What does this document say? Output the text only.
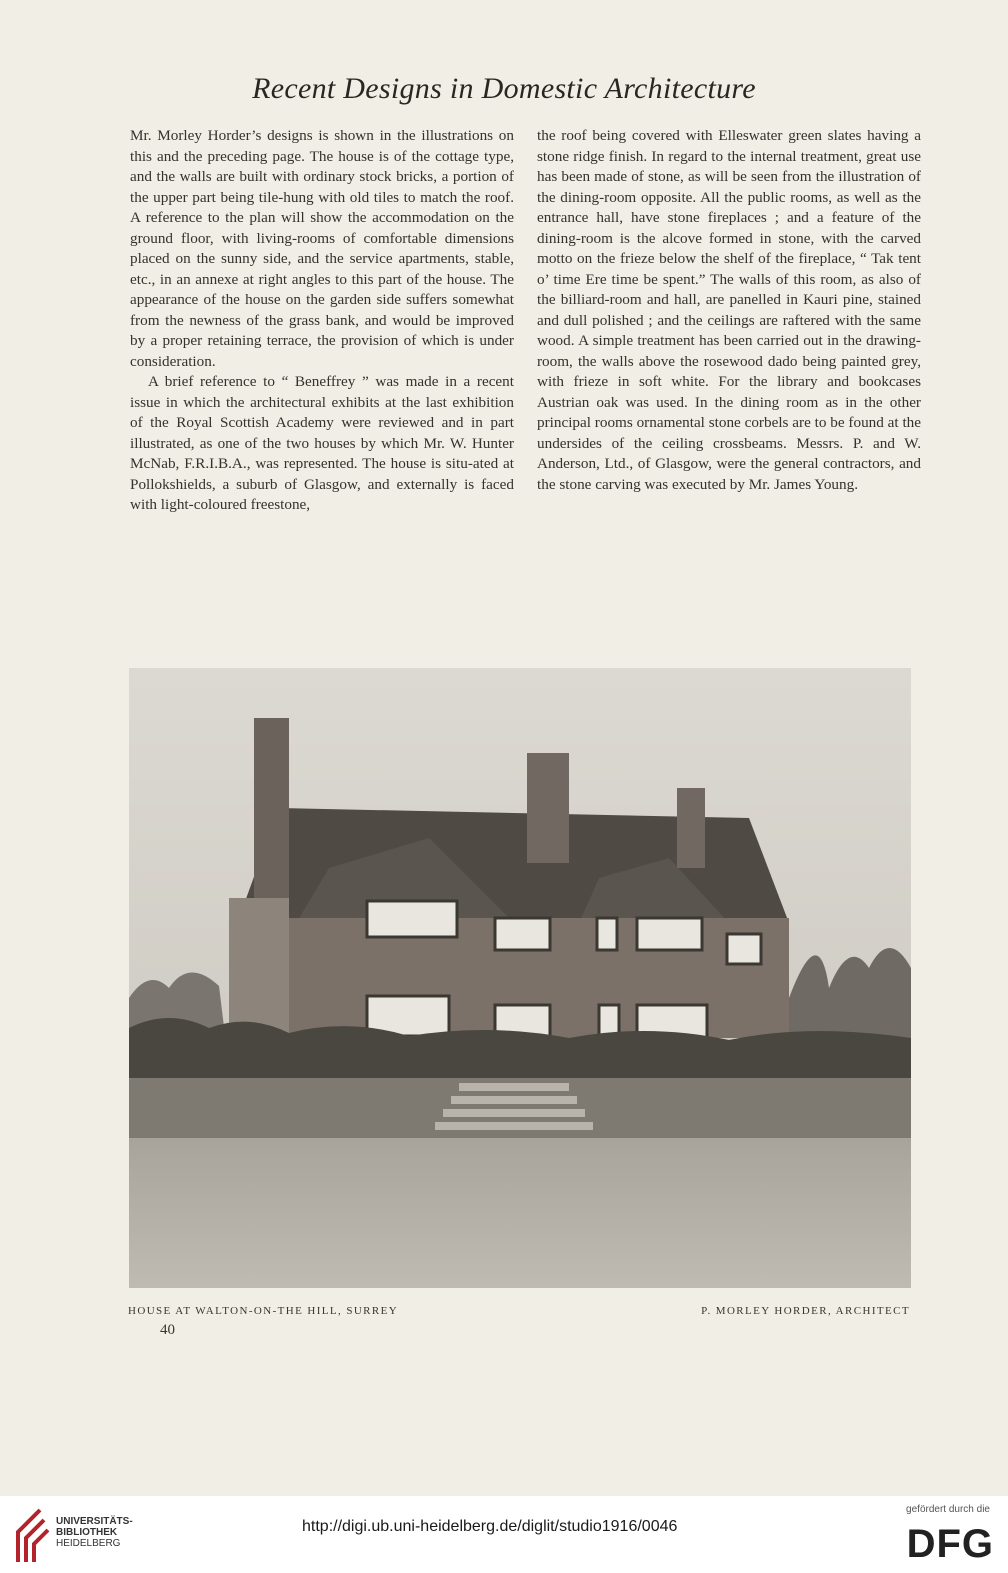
Recent Designs in Domestic Architecture

Mr. Morley Horder’s designs is shown in the illustrations on this and the preceding page. The house is of the cottage type, and the walls are built with ordinary stock bricks, a portion of the upper part being tile-hung with old tiles to match the roof. A reference to the plan will show the accommodation on the ground floor, with living-rooms of comfortable dimensions placed on the sunny side, and the service apartments, stable, etc., in an annexe at right angles to this part of the house. The appearance of the house on the garden side suffers somewhat from the newness of the grass bank, and would be improved by a proper retaining terrace, the provision of which is under consideration.

A brief reference to “ Beneffrey ” was made in a recent issue in which the architectural exhibits at the last exhibition of the Royal Scottish Academy were reviewed and in part illustrated, as one of the two houses by which Mr. W. Hunter McNab, F.R.I.B.A., was represented. The house is situ-ated at Pollokshields, a suburb of Glasgow, and externally is faced with light-coloured freestone,

the roof being covered with Elleswater green slates having a stone ridge finish. In regard to the internal treatment, great use has been made of stone, as will be seen from the illustration of the dining-room opposite. All the public rooms, as well as the entrance hall, have stone fireplaces ; and a feature of the dining-room is the alcove formed in stone, with the carved motto on the frieze below the shelf of the fireplace, “ Tak tent o’ time Ere time be spent.” The walls of this room, as also of the billiard-room and hall, are panelled in Kauri pine, stained and dull polished ; and the ceilings are raftered with the same wood. A simple treatment has been carried out in the drawing-room, the walls above the rosewood dado being painted grey, with frieze in soft white. For the library and bookcases Austrian oak was used. In the dining room as in the other principal rooms ornamental stone corbels are to be found at the undersides of the ceiling crossbeams. Messrs. P. and W. Anderson, Ltd., of Glasgow, were the general contractors, and the stone carving was executed by Mr. James Young.

HOUSE AT WALTON-ON-THE HILL, SURREY	P. MORLEY HORDER, ARCHITECT
40
UNIVERSITÄTS-
BIBLIOTHEK
HEIDELBERG
http://digi.ub.uni-heidelberg.de/diglit/studio1916/0046
gefördert durch die
DFG
